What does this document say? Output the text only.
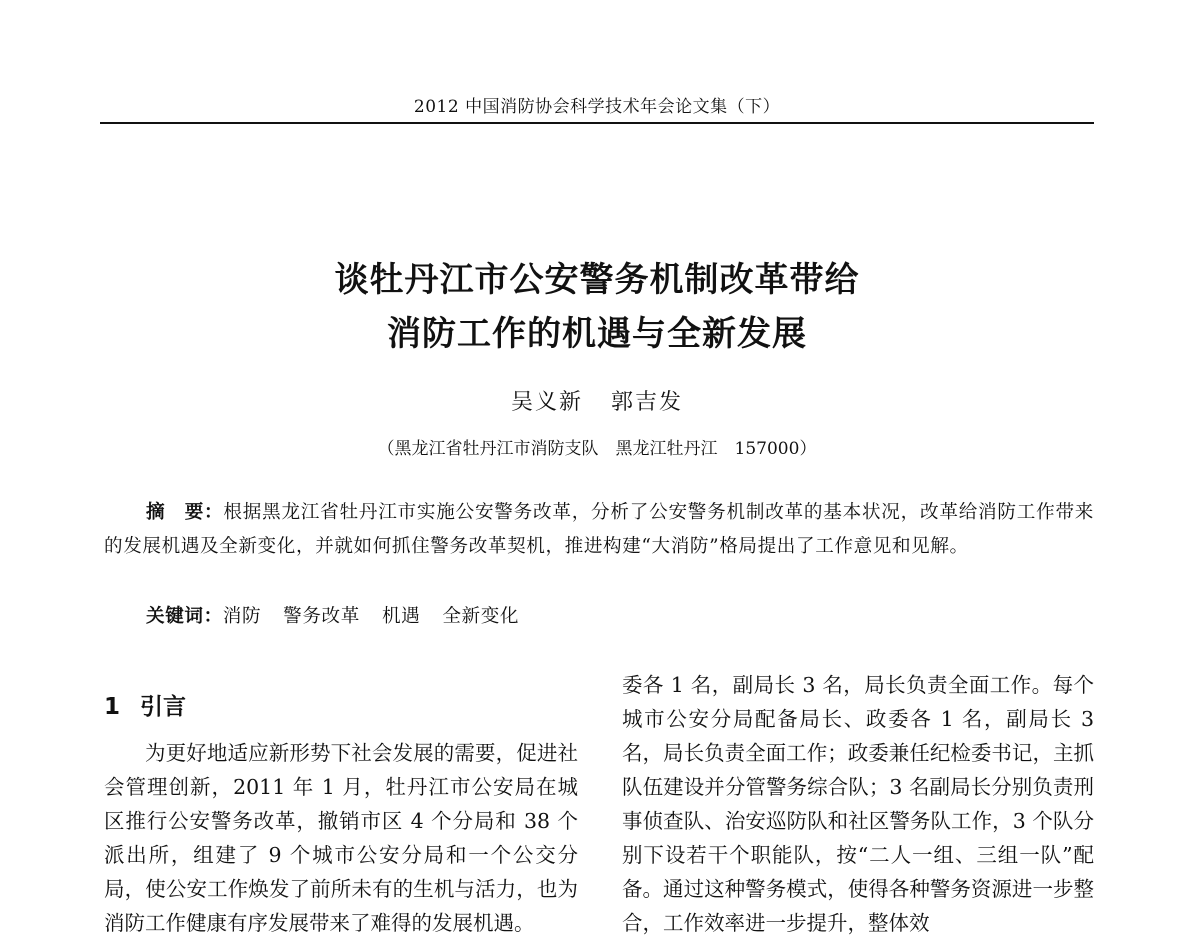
2012 中国消防协会科学技术年会论文集（下）
谈牡丹江市公安警务机制改革带给
消防工作的机遇与全新发展
吴义新 郭吉发
（黑龙江省牡丹江市消防支队　黑龙江牡丹江　157000）
摘　要：根据黑龙江省牡丹江市实施公安警务改革，分析了公安警务机制改革的基本状况，改革给消防工作带来的发展机遇及全新变化，并就如何抓住警务改革契机，推进构建“大消防”格局提出了工作意见和见解。
关键词：消防 警务改革 机遇 全新变化
1 引言

为更好地适应新形势下社会发展的需要，促进社会管理创新，2011 年 1 月，牡丹江市公安局在城区推行公安警务改革，撤销市区 4 个分局和 38 个派出所，组建了 9 个城市公安分局和一个公交分局，使公安工作焕发了前所未有的生机与活力，也为消防工作健康有序发展带来了难得的发展机遇。

委各 1 名，副局长 3 名，局长负责全面工作。每个城市公安分局配备局长、政委各 1 名，副局长 3 名，局长负责全面工作；政委兼任纪检委书记，主抓队伍建设并分管警务综合队；3 名副局长分别负责刑事侦查队、治安巡防队和社区警务队工作，3 个队分别下设若干个职能队，按“二人一组、三组一队”配备。通过这种警务模式，使得各种警务资源进一步整合，工作效率进一步提升，整体效
